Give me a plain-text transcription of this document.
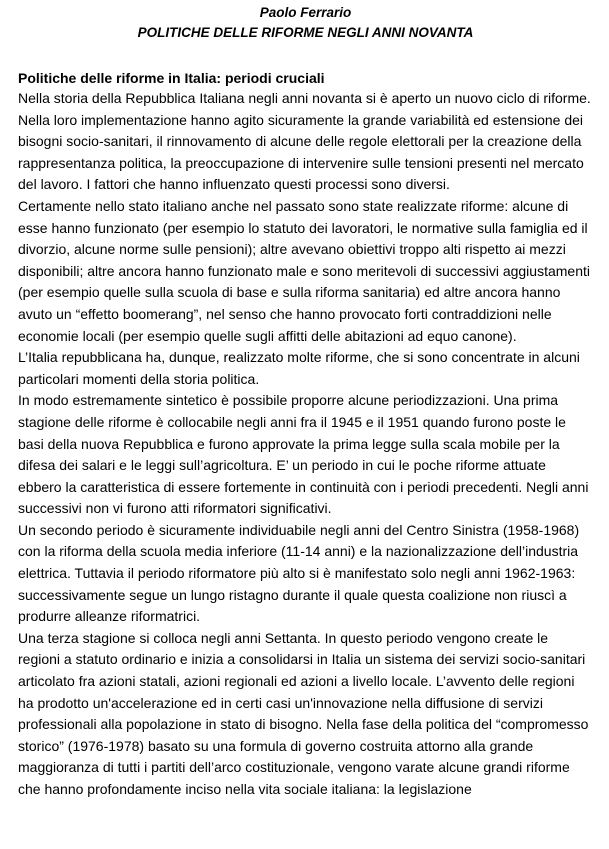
Paolo Ferrario

POLITICHE DELLE RIFORME NEGLI ANNI NOVANTA

Politiche delle riforme in Italia: periodi cruciali

Nella storia della Repubblica Italiana negli anni novanta si è aperto un nuovo ciclo di riforme. Nella loro implementazione hanno agito sicuramente la grande variabilità ed estensione dei bisogni socio-sanitari, il rinnovamento di alcune delle regole elettorali per la creazione della rappresentanza politica, la preoccupazione di intervenire sulle tensioni presenti nel mercato del lavoro. I fattori che hanno influenzato questi processi sono diversi.

Certamente nello stato italiano anche nel passato sono state realizzate riforme: alcune di esse hanno funzionato (per esempio lo statuto dei lavoratori, le normative sulla famiglia ed il divorzio, alcune norme sulle pensioni); altre avevano obiettivi troppo alti rispetto ai mezzi disponibili; altre ancora hanno funzionato male e sono meritevoli di successivi aggiustamenti (per esempio quelle sulla scuola di base e sulla riforma sanitaria) ed altre ancora hanno avuto un “effetto boomerang”, nel senso che hanno provocato forti contraddizioni nelle economie locali (per esempio quelle sugli affitti delle abitazioni ad equo canone).

L’Italia repubblicana ha, dunque, realizzato molte riforme, che si sono concentrate in alcuni particolari momenti della storia politica.

In modo estremamente sintetico è possibile proporre alcune periodizzazioni. Una prima stagione delle riforme è collocabile negli anni fra il 1945 e il 1951 quando furono poste le basi della nuova Repubblica e furono approvate la prima legge sulla scala mobile per la difesa dei salari e le leggi sull’agricoltura. E’ un periodo in cui le poche riforme attuate ebbero la caratteristica di essere fortemente in continuità con i periodi precedenti. Negli anni successivi non vi furono atti riformatori significativi.

Un secondo periodo è sicuramente individuabile negli anni del Centro Sinistra (1958-1968) con la riforma della scuola media inferiore (11-14 anni) e la nazionalizzazione dell’industria elettrica. Tuttavia il periodo riformatore più alto si è manifestato solo negli anni 1962-1963: successivamente segue un lungo ristagno durante il quale questa coalizione non riuscì a produrre alleanze riformatrici.

Una terza stagione si colloca negli anni Settanta. In questo periodo vengono create le regioni a statuto ordinario e inizia a consolidarsi in Italia un sistema dei servizi socio-sanitari articolato fra azioni statali, azioni regionali ed azioni a livello locale. L’avvento delle regioni ha prodotto un'accelerazione ed in certi casi un'innovazione nella diffusione di servizi professionali alla popolazione in stato di bisogno. Nella fase della politica del “compromesso storico” (1976-1978) basato su una formula di governo costruita attorno alla grande maggioranza di tutti i partiti dell’arco costituzionale, vengono varate alcune grandi riforme che hanno profondamente inciso nella vita sociale italiana: la legislazione
